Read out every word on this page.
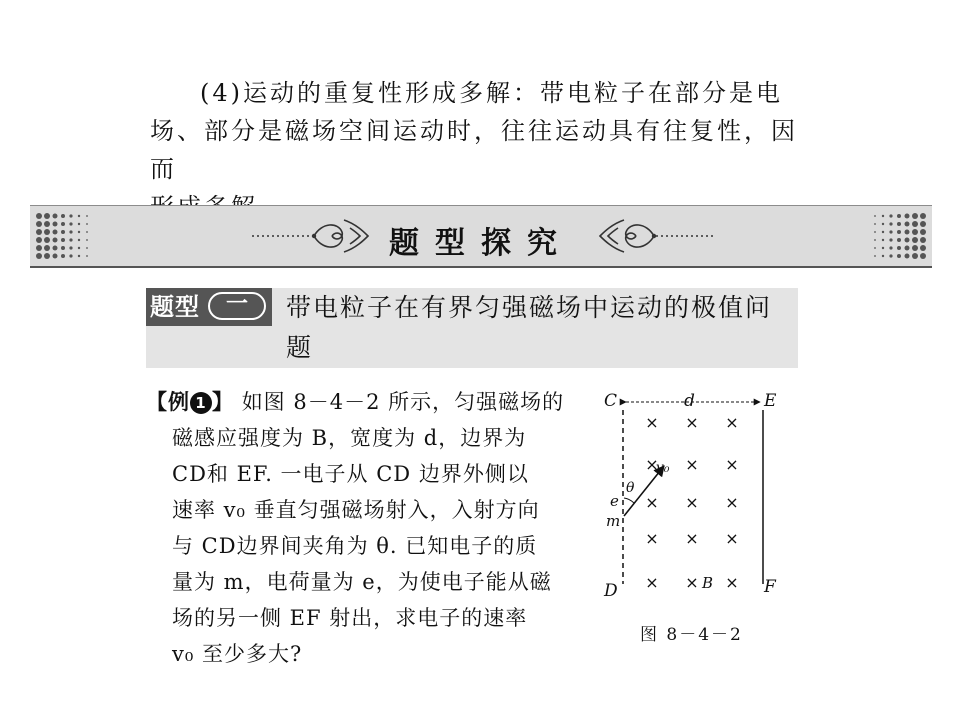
(4)运动的重复性形成多解：带电粒子在部分是电

场、部分是磁场空间运动时，往往运动具有往复性，因而

题型探究
题型	一	带电粒子在有界匀强磁场中运动的极值问题
【例 1 】 如图 8－4－2 所示，匀强磁场的
磁感应强度为 B，宽度为 d，边界为
CD和 EF. 一电子从 CD 边界外侧以
速率 v₀ 垂直匀强磁场射入，入射方向
与 CD边界间夹角为 θ. 已知电子的质
量为 m，电荷量为 e，为使电子能从磁
场的另一侧 EF 射出，求电子的速率
v₀ 至少多大?
C	d	E
D	F
B
e
m
θ
v₀
× × ×
× × ×
× × ×
× × ×
× × ×
图 8－4－2
